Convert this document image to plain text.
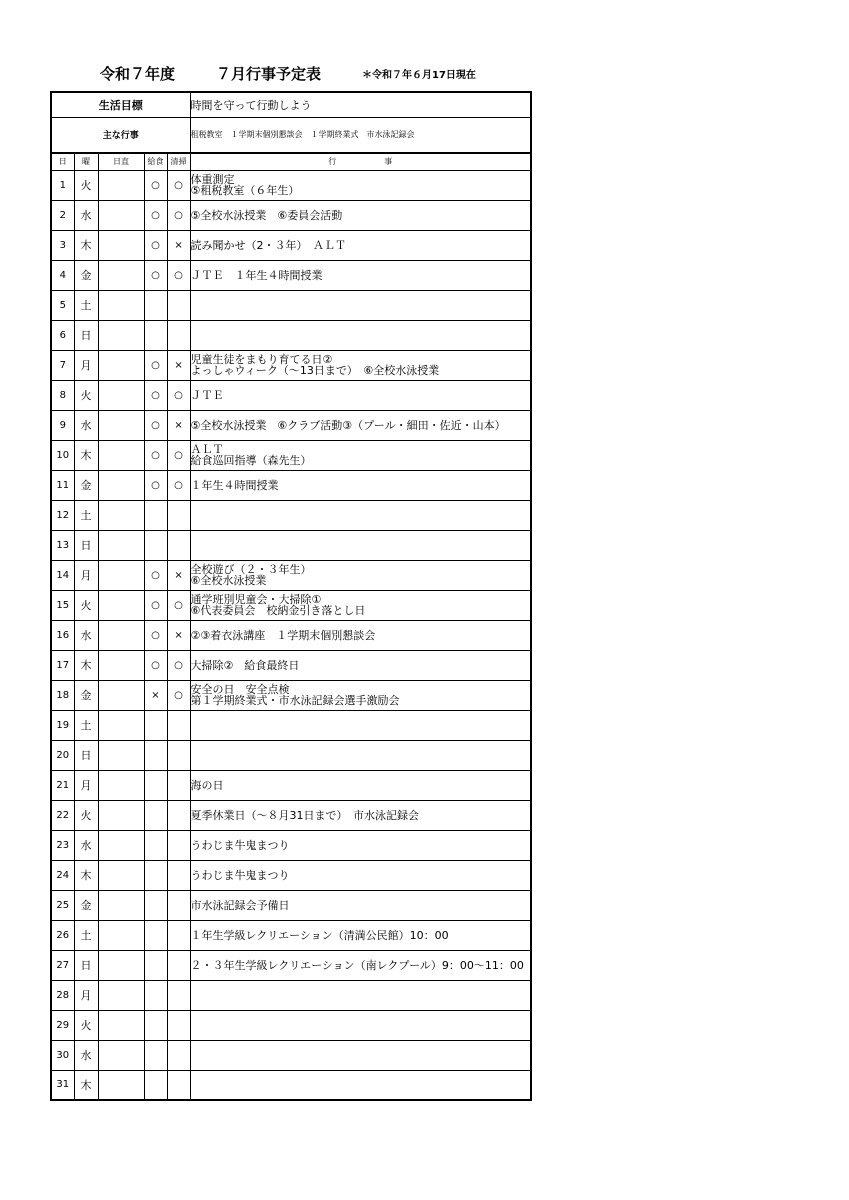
令和７年度	７月行事予定表	＊令和７年６月17日現在
生活目標					時間を守って行動しよう
主な行事					租税教室　１学期末個別懇談会　１学期終業式　市水泳記録会
日	曜	日直	給食	清掃	行　　　　　　事
1	火		○	○	体重測定
⑤租税教室（６年生）
2	水		○	○	⑤全校水泳授業　⑥委員会活動
3	木		○	×	読み聞かせ（2・３年）　ＡＬＴ
4	金		○	○	ＪＴＥ　１年生４時間授業
5	土				
6	日				
7	月		○	×	児童生徒をまもり育てる日②
よっしゃウィーク（～13日まで）　⑥全校水泳授業
8	火		○	○	ＪＴＥ
9	水		○	×	⑤全校水泳授業　⑥クラブ活動③（プール・細田・佐近・山本）
10	木		○	○	ＡＬＴ
給食巡回指導（森先生）
11	金		○	○	１年生４時間授業
12	土				
13	日				
14	月		○	×	全校遊び（２・３年生）
⑥全校水泳授業
15	火		○	○	通学班別児童会・大掃除①
⑥代表委員会　校納金引き落とし日
16	水		○	×	②③着衣泳講座　１学期末個別懇談会
17	木		○	○	大掃除②　給食最終日
18	金		×	○	安全の日　安全点検
第１学期終業式・市水泳記録会選手激励会
19	土				
20	日				
21	月				海の日
22	火				夏季休業日（～８月31日まで）　市水泳記録会
23	水				うわじま牛鬼まつり
24	木				うわじま牛鬼まつり
25	金				市水泳記録会予備日
26	土				１年生学級レクリエーション（清満公民館）10：00
27	日				２・３年生学級レクリエーション（南レクプール）9：00～11：00
28	月				
29	火				
30	水				
31	木				
